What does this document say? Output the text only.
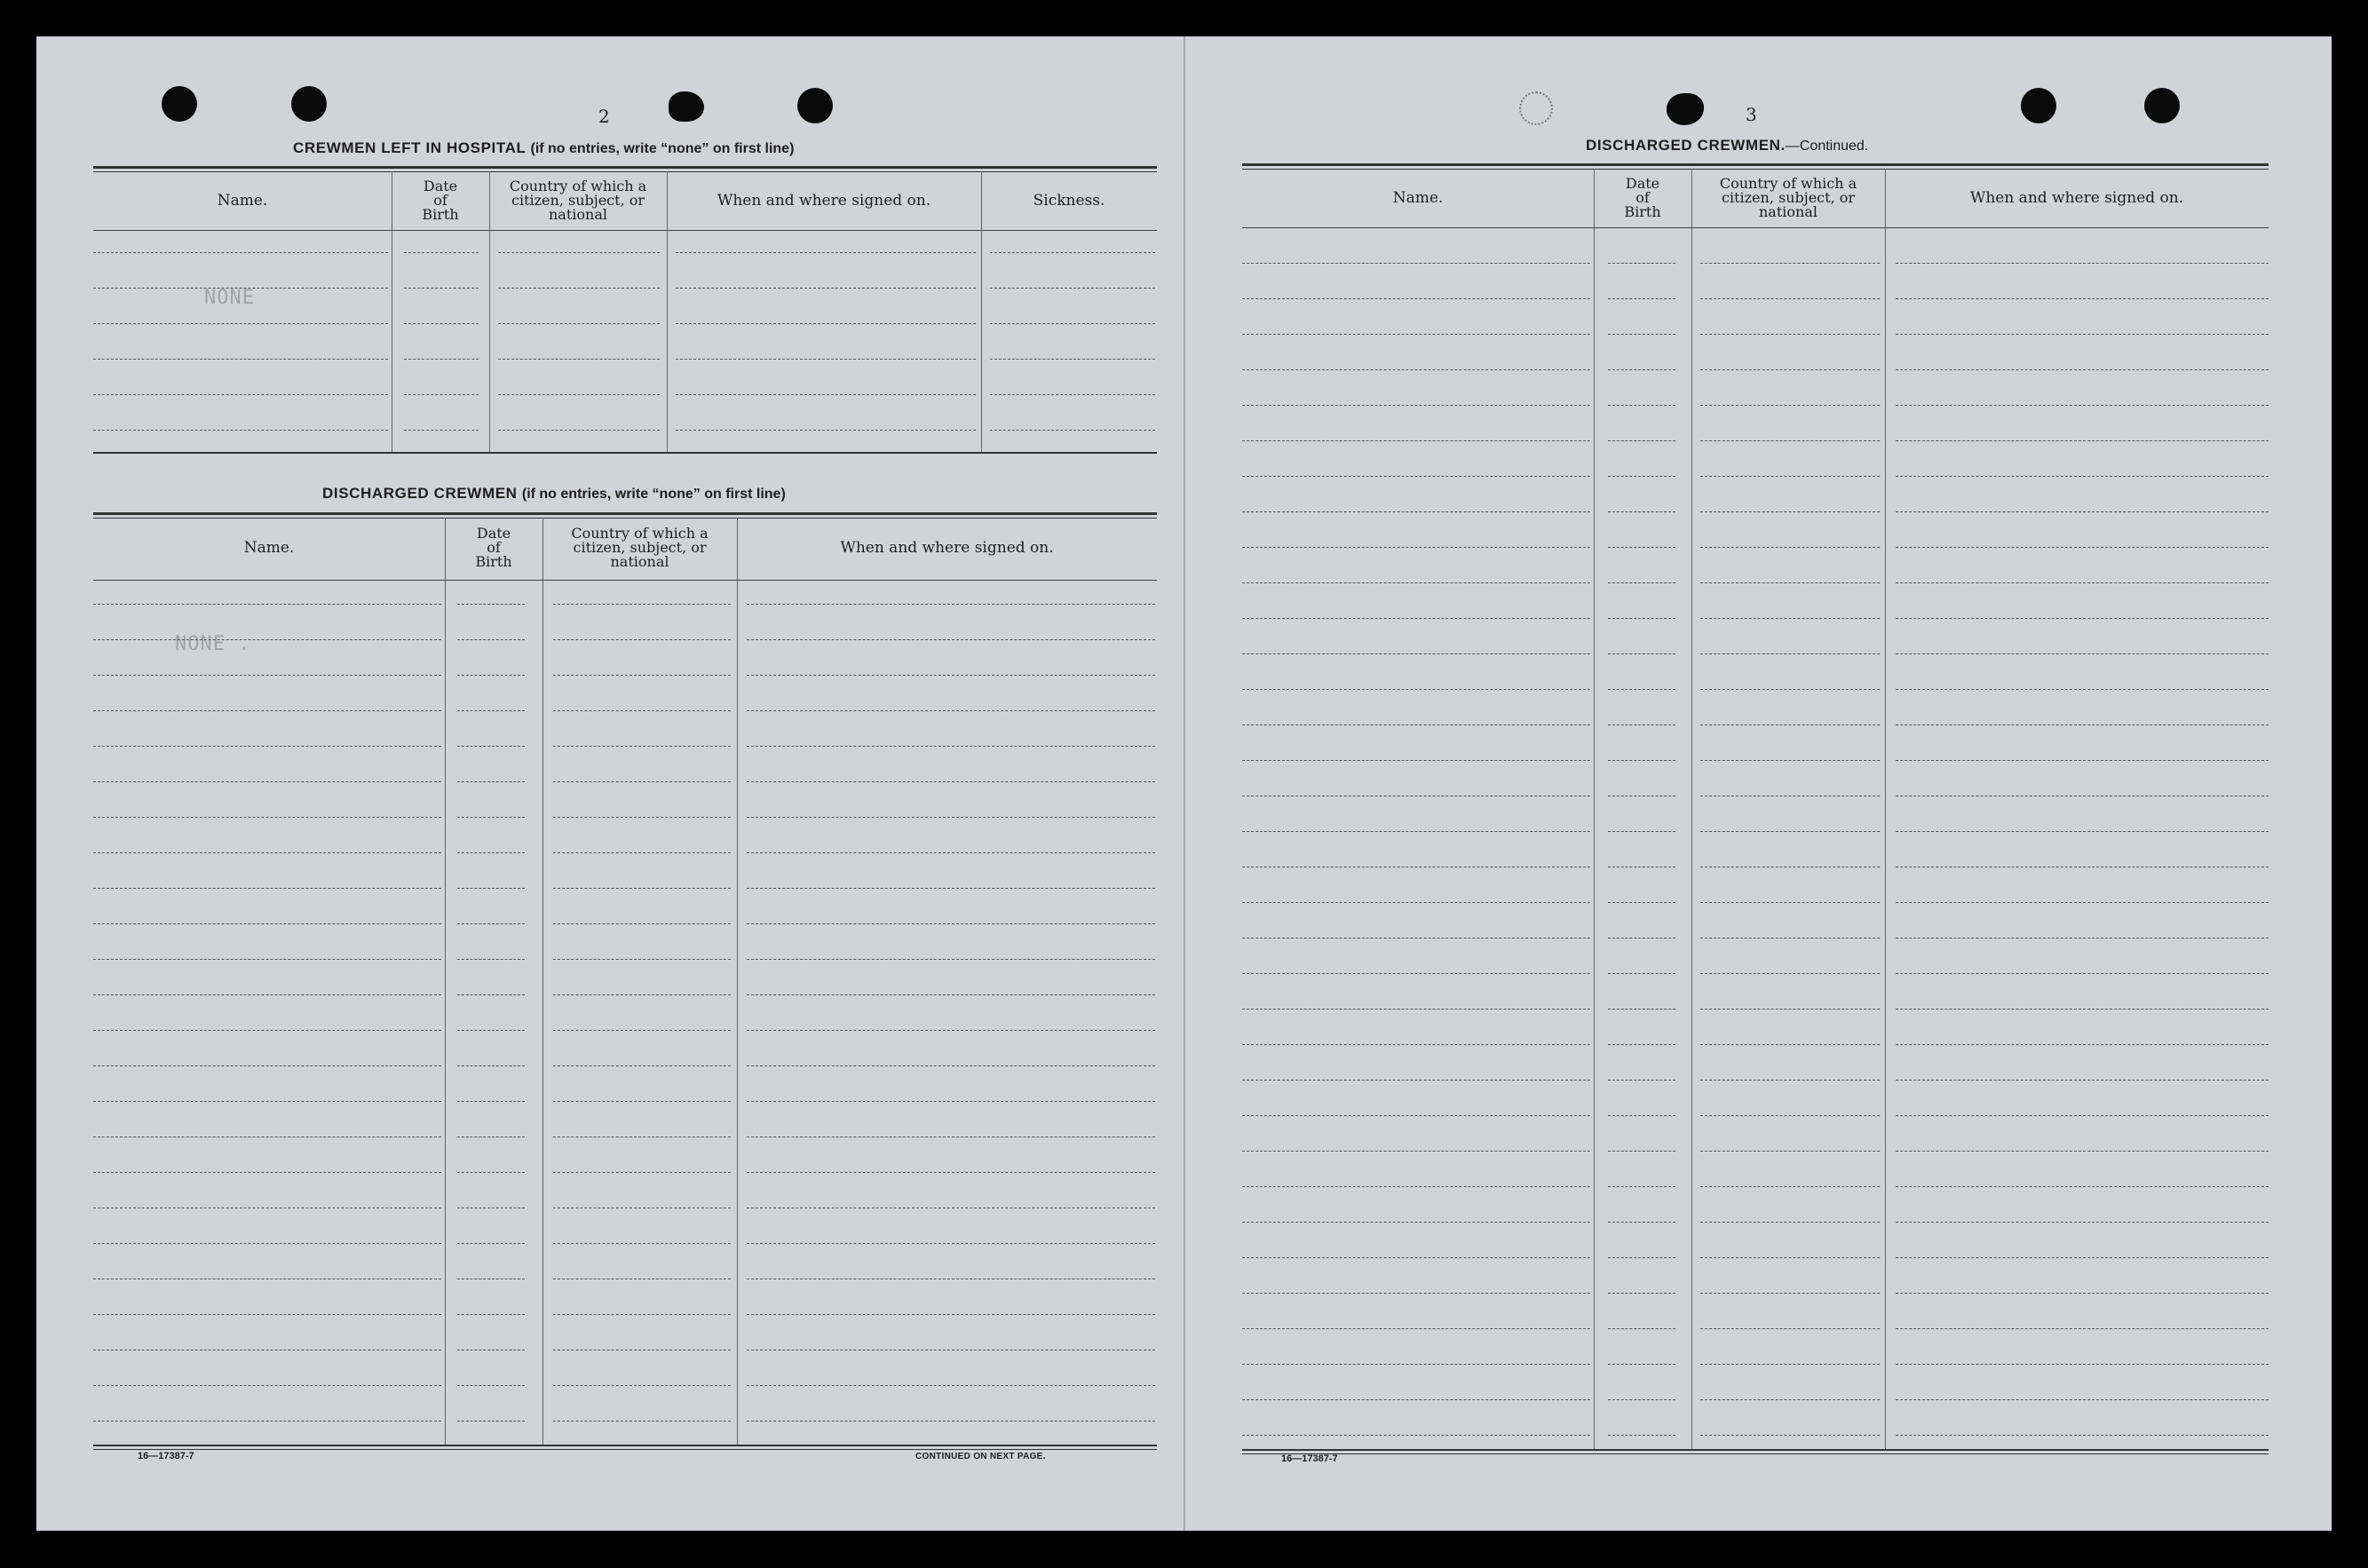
2
CREWMEN LEFT IN HOSPITAL (if no entries, write “none” on first line)
Name.
Date
of
Birth
Country of which a
citizen, subject, or
national
When and where signed on.	Sickness.
NONE
DISCHARGED CREWMEN (if no entries, write “none” on first line)
Name.
Date
of
Birth
Country of which a
citizen, subject, or
national
When and where signed on.
NONE .
16—17387-7	CONTINUED ON NEXT PAGE.
3
DISCHARGED CREWMEN.—Continued.
Name.
Date
of
Birth
Country of which a
citizen, subject, or
national
When and where signed on.
16—17387-7
